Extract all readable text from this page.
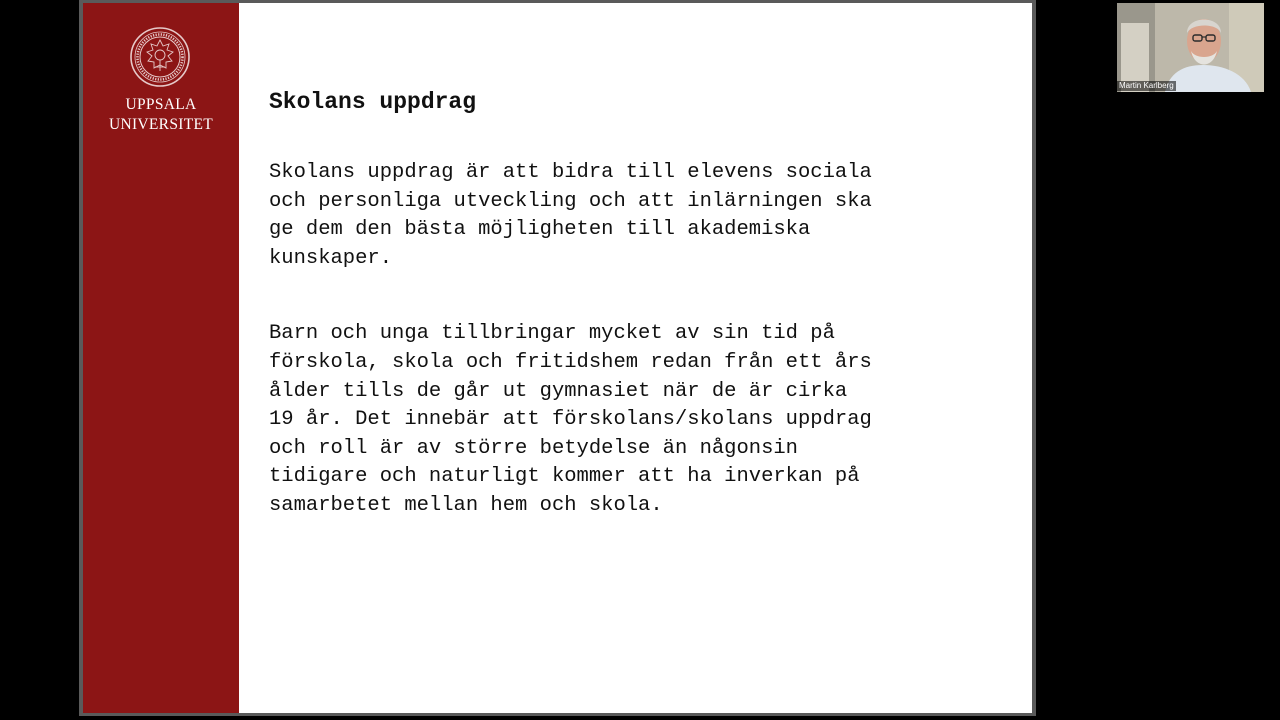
UPPSALA
UNIVERSITET
Skolans uppdrag

Skolans uppdrag är att bidra till elevens sociala
och personliga utveckling och att inlärningen ska
ge dem den bästa möjligheten till akademiska
kunskaper.

Barn och unga tillbringar mycket av sin tid på
förskola, skola och fritidshem redan från ett års
ålder tills de går ut gymnasiet när de är cirka
19 år. Det innebär att förskolans/skolans uppdrag
och roll är av större betydelse än någonsin
tidigare och naturligt kommer att ha inverkan på
samarbetet mellan hem och skola.

Martin Karlberg
